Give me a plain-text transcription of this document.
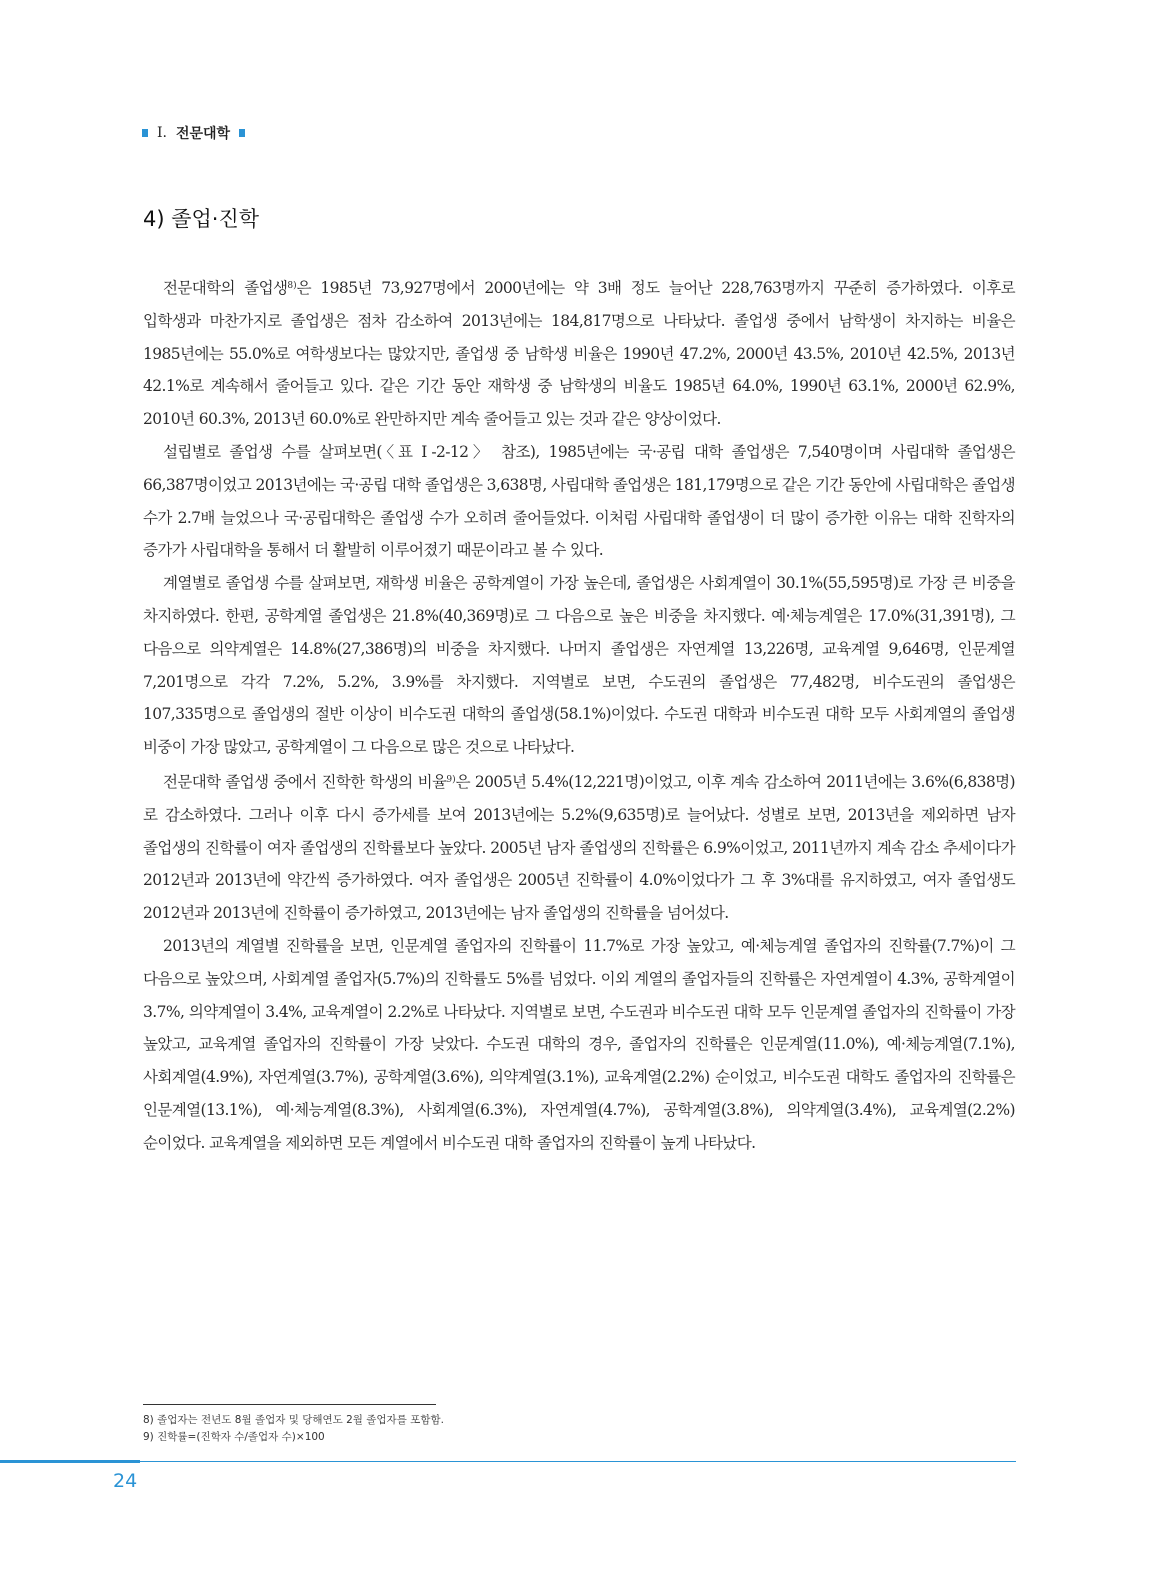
I. 전문대학
4) 졸업·진학

전문대학의 졸업생$^{8)}$은 1985년 73,927명에서 2000년에는 약 3배 정도 늘어난 228,763명까지 꾸준히 증가하였다. 이후로 입학생과 마찬가지로 졸업생은 점차 감소하여 2013년에는 184,817명으로 나타났다. 졸업생 중에서 남학생이 차지하는 비율은 1985년에는 55.0%로 여학생보다는 많았지만, 졸업생 중 남학생 비율은 1990년 47.2%, 2000년 43.5%, 2010년 42.5%, 2013년 42.1%로 계속해서 줄어들고 있다. 같은 기간 동안 재학생 중 남학생의 비율도 1985년 64.0%, 1990년 63.1%, 2000년 62.9%, 2010년 60.3%, 2013년 60.0%로 완만하지만 계속 줄어들고 있는 것과 같은 양상이었다.

설립별로 졸업생 수를 살펴보면(〈표 Ⅰ-2-12〉 참조), 1985년에는 국·공립 대학 졸업생은 7,540명이며 사립대학 졸업생은 66,387명이었고 2013년에는 국·공립 대학 졸업생은 3,638명, 사립대학 졸업생은 181,179명으로 같은 기간 동안에 사립대학은 졸업생 수가 2.7배 늘었으나 국·공립대학은 졸업생 수가 오히려 줄어들었다. 이처럼 사립대학 졸업생이 더 많이 증가한 이유는 대학 진학자의 증가가 사립대학을 통해서 더 활발히 이루어졌기 때문이라고 볼 수 있다.

계열별로 졸업생 수를 살펴보면, 재학생 비율은 공학계열이 가장 높은데, 졸업생은 사회계열이 30.1%(55,595명)로 가장 큰 비중을 차지하였다. 한편, 공학계열 졸업생은 21.8%(40,369명)로 그 다음으로 높은 비중을 차지했다. 예·체능계열은 17.0%(31,391명), 그 다음으로 의약계열은 14.8%(27,386명)의 비중을 차지했다. 나머지 졸업생은 자연계열 13,226명, 교육계열 9,646명, 인문계열 7,201명으로 각각 7.2%, 5.2%, 3.9%를 차지했다. 지역별로 보면, 수도권의 졸업생은 77,482명, 비수도권의 졸업생은 107,335명으로 졸업생의 절반 이상이 비수도권 대학의 졸업생(58.1%)이었다. 수도권 대학과 비수도권 대학 모두 사회계열의 졸업생 비중이 가장 많았고, 공학계열이 그 다음으로 많은 것으로 나타났다.

전문대학 졸업생 중에서 진학한 학생의 비율$^{9)}$은 2005년 5.4%(12,221명)이었고, 이후 계속 감소하여 2011년에는 3.6%(6,838명)로 감소하였다. 그러나 이후 다시 증가세를 보여 2013년에는 5.2%(9,635명)로 늘어났다. 성별로 보면, 2013년을 제외하면 남자 졸업생의 진학률이 여자 졸업생의 진학률보다 높았다. 2005년 남자 졸업생의 진학률은 6.9%이었고, 2011년까지 계속 감소 추세이다가 2012년과 2013년에 약간씩 증가하였다. 여자 졸업생은 2005년 진학률이 4.0%이었다가 그 후 3%대를 유지하였고, 여자 졸업생도 2012년과 2013년에 진학률이 증가하였고, 2013년에는 남자 졸업생의 진학률을 넘어섰다.

2013년의 계열별 진학률을 보면, 인문계열 졸업자의 진학률이 11.7%로 가장 높았고, 예·체능계열 졸업자의 진학률(7.7%)이 그 다음으로 높았으며, 사회계열 졸업자(5.7%)의 진학률도 5%를 넘었다. 이외 계열의 졸업자들의 진학률은 자연계열이 4.3%, 공학계열이 3.7%, 의약계열이 3.4%, 교육계열이 2.2%로 나타났다. 지역별로 보면, 수도권과 비수도권 대학 모두 인문계열 졸업자의 진학률이 가장 높았고, 교육계열 졸업자의 진학률이 가장 낮았다. 수도권 대학의 경우, 졸업자의 진학률은 인문계열(11.0%), 예·체능계열(7.1%), 사회계열(4.9%), 자연계열(3.7%), 공학계열(3.6%), 의약계열(3.1%), 교육계열(2.2%) 순이었고, 비수도권 대학도 졸업자의 진학률은 인문계열(13.1%), 예·체능계열(8.3%), 사회계열(6.3%), 자연계열(4.7%), 공학계열(3.8%), 의약계열(3.4%), 교육계열(2.2%) 순이었다. 교육계열을 제외하면 모든 계열에서 비수도권 대학 졸업자의 진학률이 높게 나타났다.

8) 졸업자는 전년도 8월 졸업자 및 당해연도 2월 졸업자를 포함함.
9) 진학률=(진학자 수/졸업자 수)×100
24
